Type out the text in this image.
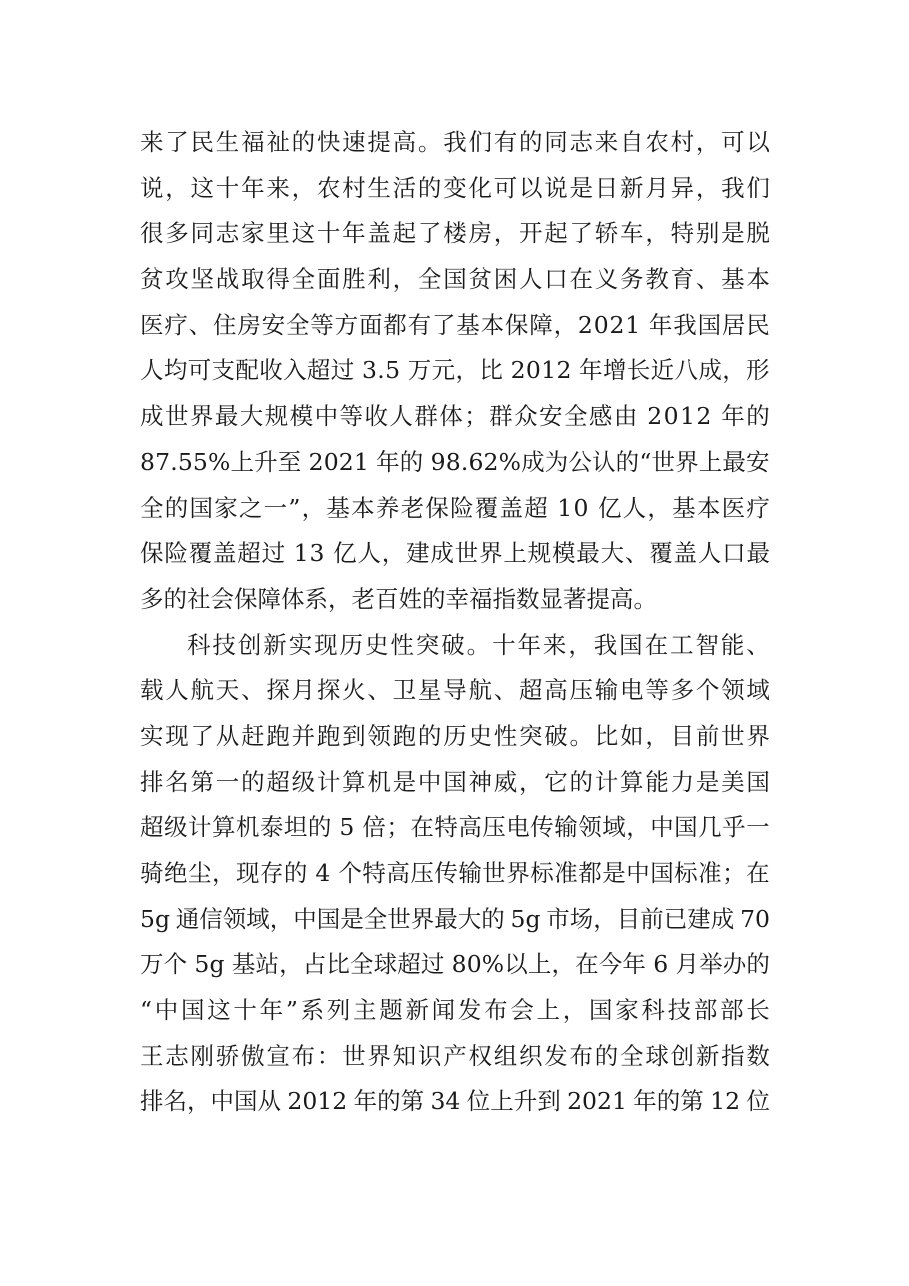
来 了 民 生 福 祉 的 快 速 提 高 。 我 们 有 的 同 志 来 自 农 村 ， 可 以
说 ， 这 十 年 来 ， 农 村 生 活 的 变 化 可 以 说 是 日 新 月 异 ， 我 们
很 多 同 志 家 里 这 十 年 盖 起 了 楼 房 ， 开 起 了 轿 车 ， 特 别 是 脱
贫 攻 坚 战 取 得 全 面 胜 利 ， 全 国 贫 困 人 口 在 义 务 教 育 、 基 本
医 疗 、 住 房 安 全 等 方 面 都 有 了 基 本 保 障 ， 2 0 2 1 年 我 国 居 民
人 均 可 支 配 收 入 超 过 3 . 5 万 元 ， 比 2 0 1 2 年 增 长 近 八 成 ， 形
成 世 界 最 大 规 模 中 等 收 人 群 体 ； 群 众 安 全 感 由 2 0 1 2 年 的
8 7 . 5 5 % 上 升 至 2 0 2 1 年 的 9 8 . 6 2 % 成 为 公 认 的 “ 世 界 上 最 安
全 的 国 家 之 一 ” ， 基 本 养 老 保 险 覆 盖 超 1 0 亿 人 ， 基 本 医 疗
保 险 覆 盖 超 过 1 3 亿 人 ， 建 成 世 界 上 规 模 最 大 、 覆 盖 人 口 最
多 的 社 会 保 障 体 系 ， 老 百 姓 的 幸 福 指 数 显 著 提 高 。
科 技 创 新 实 现 历 史 性 突 破 。 十 年 来 ， 我 国 在 工 智 能 、
载 人 航 天 、 探 月 探 火 、 卫 星 导 航 、 超 高 压 输 电 等 多 个 领 域
实 现 了 从 赶 跑 并 跑 到 领 跑 的 历 史 性 突 破 。 比 如 ， 目 前 世 界
排 名 第 一 的 超 级 计 算 机 是 中 国 神 威 ， 它 的 计 算 能 力 是 美 国
超 级 计 算 机 泰 坦 的 5 倍 ； 在 特 高 压 电 传 输 领 域 ， 中 国 几 乎 一
骑 绝 尘 ， 现 存 的 4 个 特 高 压 传 输 世 界 标 准 都 是 中 国 标 准 ； 在
5 g 通 信 领 域 ， 中 国 是 全 世 界 最 大 的 5 g 市 场 ， 目 前 已 建 成 7 0
万 个 5 g 基 站 ， 占 比 全 球 超 过 8 0 % 以 上 ， 在 今 年 6 月 举 办 的
“ 中 国 这 十 年 ” 系 列 主 题 新 闻 发 布 会 上 ， 国 家 科 技 部 部 长
王 志 刚 骄 傲 宣 布 ： 世 界 知 识 产 权 组 织 发 布 的 全 球 创 新 指 数
排 名 ， 中 国 从 2 0 1 2 年 的 第 3 4 位 上 升 到 2 0 2 1 年 的 第 1 2 位
